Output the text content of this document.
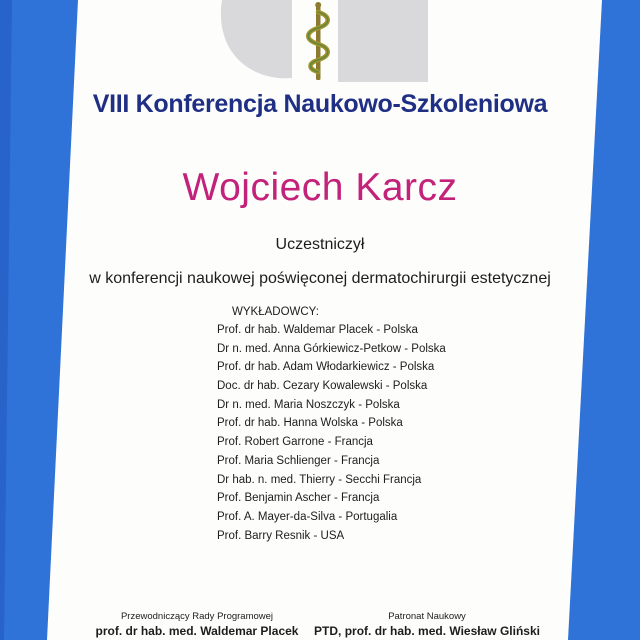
VIII Konferencja Naukowo-Szkoleniowa
Wojciech Karcz
Uczestniczył
w konferencji naukowej poświęconej dermatochirurgii estetycznej
WYKŁADOWCY:
Prof. dr hab. Waldemar Placek - Polska
Dr n. med. Anna Górkiewicz-Petkow - Polska
Prof. dr hab. Adam Włodarkiewicz - Polska
Doc. dr hab. Cezary Kowalewski - Polska
Dr n. med. Maria Noszczyk - Polska
Prof. dr hab. Hanna Wolska - Polska
Prof. Robert Garrone - Francja
Prof. Maria Schlienger - Francja
Dr hab. n. med. Thierry - Secchi Francja
Prof. Benjamin Ascher - Francja
Prof. A. Mayer-da-Silva - Portugalia
Prof. Barry Resnik - USA
Przewodniczący Rady Programowej
prof. dr hab. med. Waldemar Placek
Patronat Naukowy
PTD, prof. dr hab. med. Wiesław Gliński
